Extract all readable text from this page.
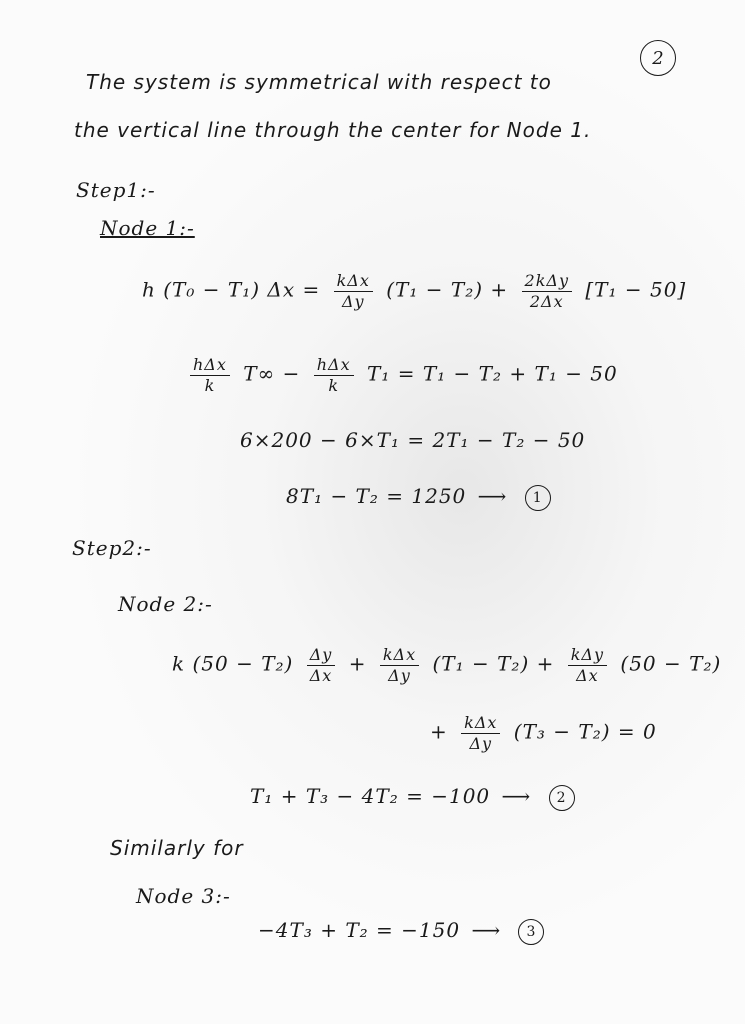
2
The system is symmetrical with respect to
the vertical line through the center for Node 1.
Step1:-
Node 1:-
h (T₀ − T₁) $\Delta x = \frac{\text{kΔx}}{\Delta y} (T_1 - T_2) + \frac{\text{2kΔy}}{2\Delta x} [T_1 - 50]$
$\frac{\text{hΔx}}{k} T\infty - \frac{\text{hΔx}}{k} T_1 = T_1 - T_2 + T_1 - 50$
6×200 − 6×T₁ = 2T₁ − T₂ − 50
8T₁ − T₂ = 1250 ⟶ 1
Step2:-
Node 2:-
k $(50 - T_2) \frac{\Delta y}{\Delta x} + \frac{\text{kΔx}}{\Delta y} (T_1 - T_2) + \frac{\text{kΔy}}{\Delta x} (50 - T_2)$
+ $\frac{\text{kΔx}}{\Delta y} (T_3 - T_2) = 0$
T₁ + T₃ − 4T₂ = −100 ⟶ 2
Similarly for
Node 3:-
−4T₃ + T₂ = −150 ⟶ 3
